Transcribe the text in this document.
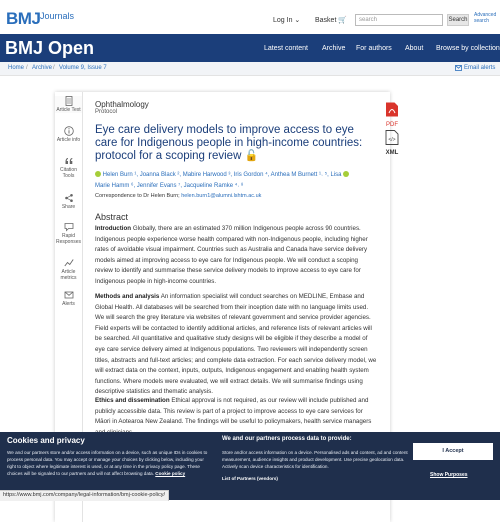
BMJ Journals	Log In ⌄ Basket 🛒	search	Search
Advanced search
BMJ Open	Latest content Archive For authors About Browse by collection
Home / Archive / Volume 9, Issue 7	Email alerts
Article Text
Article info
Citation Tools
Share
Rapid Responses
Article metrics
Alerts
Ophthalmology
Protocol
Eye care delivery models to improve access to eye care for Indigenous people in high-income countries: protocol for a scoping review 🔓
Helen Burn ¹, Joanna Black ², Mabire Harwood ³, Iris Gordon ⁴, Anthea M Burnett ¹˒ ⁵, Lisa
Marie Hamm ⁶, Jennifer Evans ⁷, Jacqueline Ramke ⁴˒ ⁸
Correspondence to Dr Helen Burn; helen.burn1@alumni.lshtm.ac.uk
PDF
</>
XML
Abstract
Introduction Globally, there are an estimated 370 million Indigenous people across 90 countries. Indigenous people experience worse health compared with non-Indigenous people, including higher rates of avoidable visual impairment. Countries such as Australia and Canada have service delivery models aimed at improving access to eye care for Indigenous people. We will conduct a scoping review to identify and summarise these service delivery models to improve access to eye care for Indigenous people in high-income countries.
Methods and analysis An information specialist will conduct searches on MEDLINE, Embase and Global Health. All databases will be searched from their inception date with no language limits used. We will search the grey literature via websites of relevant government and service provider agencies. Field experts will be contacted to identify additional articles, and reference lists of relevant articles will be searched. All quantitative and qualitative study designs will be eligible if they describe a model of eye care service delivery aimed at Indigenous populations. Two reviewers will independently screen titles, abstracts and full-text articles; and complete data extraction. For each service delivery model, we will extract data on the context, inputs, outputs, Indigenous engagement and enabling health system functions. Where models were evaluated, we will extract details. We will summarise findings using descriptive statistics and thematic analysis.
Ethics and dissemination Ethical approval is not required, as our review will include published and publicly accessible data. This review is part of a project to improve access to eye care services for Māori in Aotearoa New Zealand. The findings will be useful to policymakers, health service managers
Cookies and privacy
We and our partners store and/or access information on a device, such as unique IDs in cookies to process personal data. You may accept or manage your choices by clicking below, including your right to object where legitimate interest is used, or at any time in the privacy policy page. These choices will be signaled to our partners and will not affect browsing data. Cookie policy
We and our partners process data to provide:
Store and/or access information on a device. Personalised ads and content, ad and content measurement, audience insights and product development. Use precise geolocation data. Actively scan device characteristics for identification.
List of Partners (vendors)
I Accept
Show Purposes
https://www.bmj.com/company/legal-information/bmj-cookie-policy/
